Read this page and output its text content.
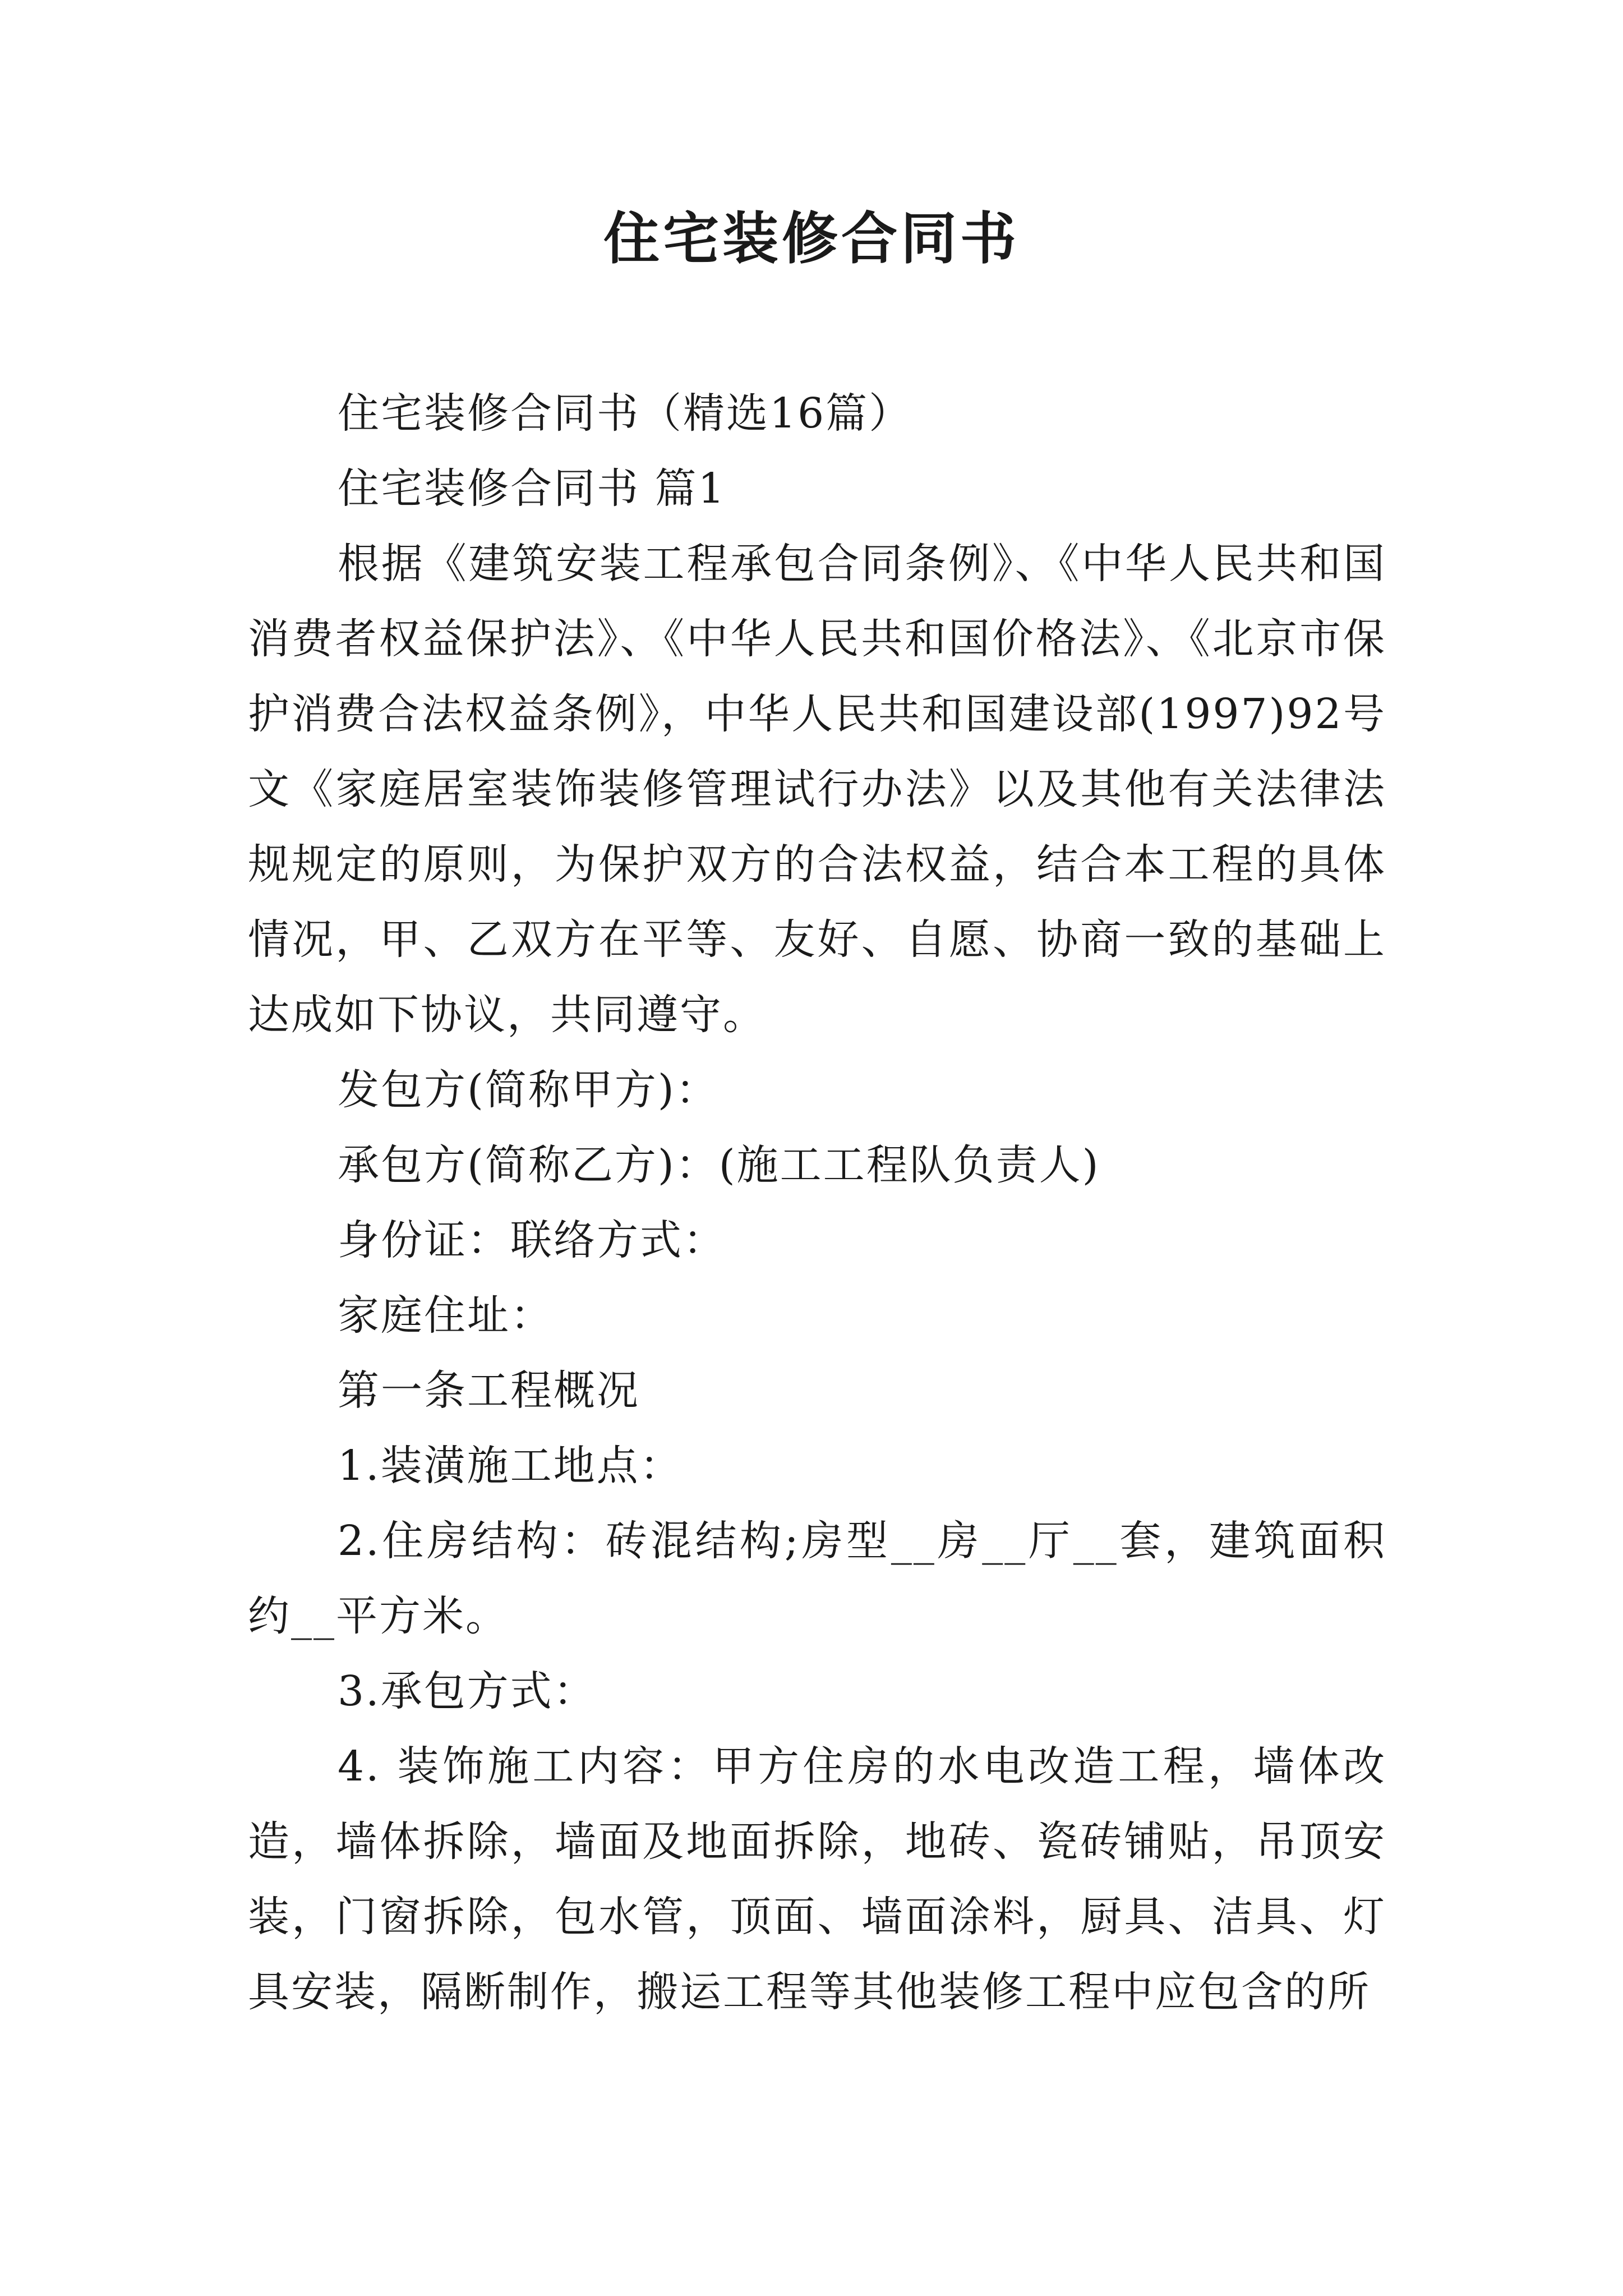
住宅装修合同书

住宅装修合同书（精选16篇）

住宅装修合同书 篇1

根据《建筑安装工程承包合同条例》、《中华人民共和国消费者权益保护法》、《中华人民共和国价格法》、《北京市保护消费合法权益条例》，中华人民共和国建设部(1997)92号文《家庭居室装饰装修管理试行办法》以及其他有关法律法规规定的原则，为保护双方的合法权益，结合本工程的具体情况，甲、乙双方在平等、友好、自愿、协商一致的基础上达成如下协议，共同遵守。

发包方(简称甲方)：

承包方(简称乙方)：(施工工程队负责人)

身份证：联络方式：

家庭住址：

第一条工程概况

1.装潢施工地点：

2.住房结构：砖混结构;房型__房__厅__套，建筑面积约__平方米。

3.承包方式：

4. 装饰施工内容：甲方住房的水电改造工程，墙体改造，墙体拆除，墙面及地面拆除，地砖、瓷砖铺贴，吊顶安装，门窗拆除，包水管，顶面、墙面涂料，厨具、洁具、灯具安装，隔断制作，搬运工程等其他装修工程中应包含的所
